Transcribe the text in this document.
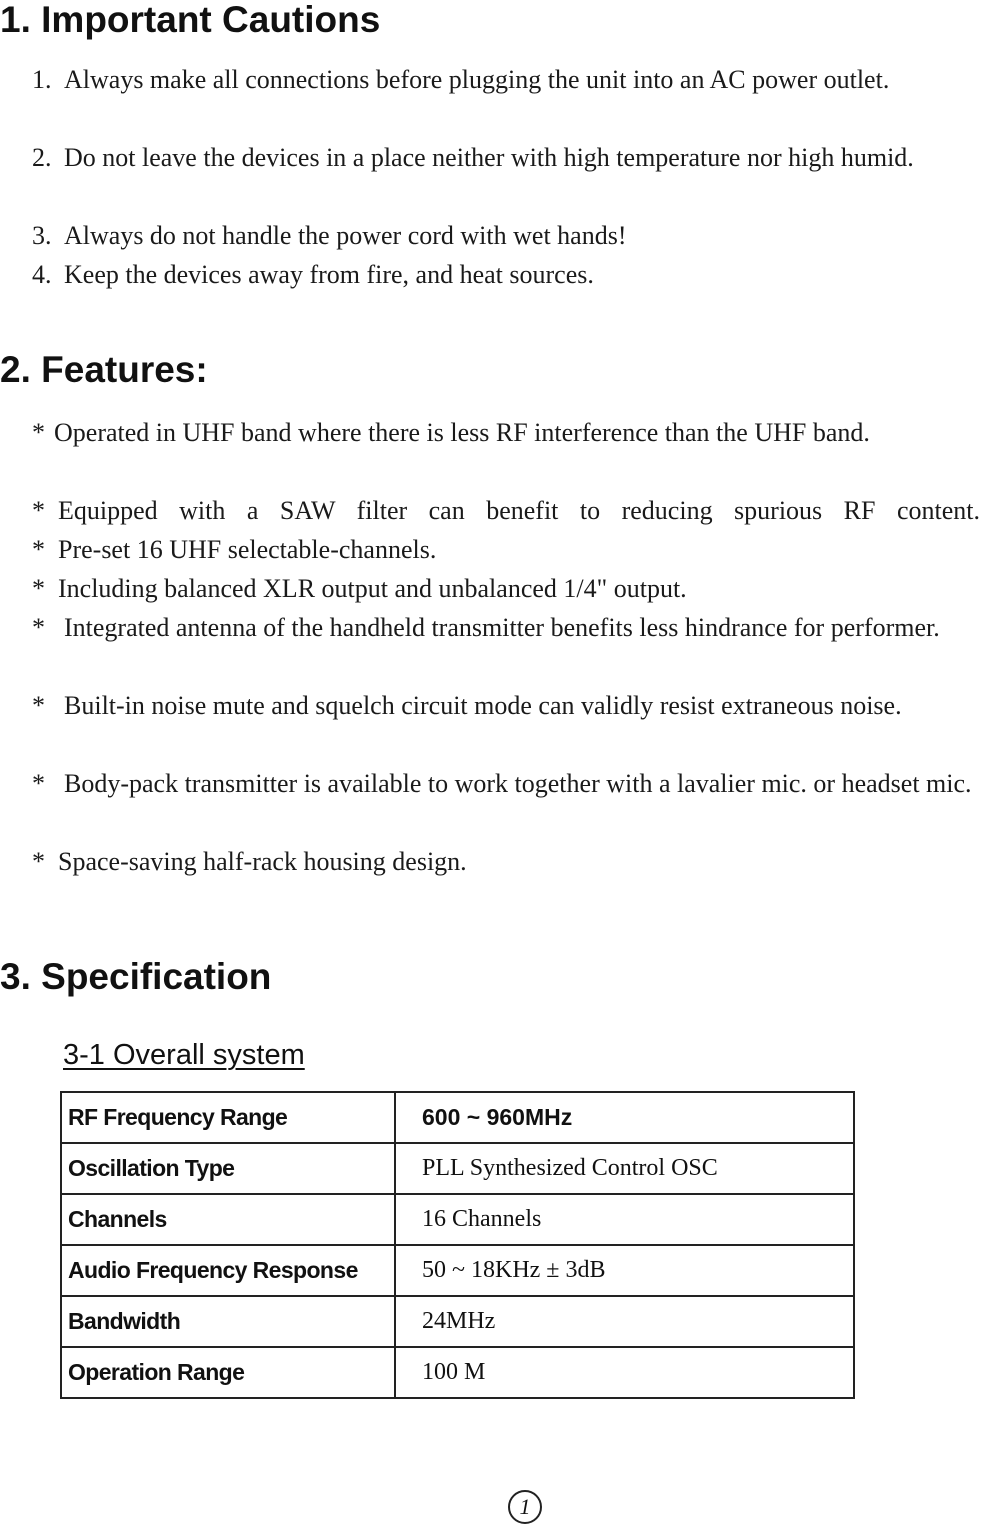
1. Important Cautions
1. Always make all connections before plugging the unit into an AC power outlet.
2. Do not leave the devices in a place neither with high temperature nor high humid.
3. Always do not handle the power cord with wet hands!
4. Keep the devices away from fire, and heat sources.
2. Features:
* Operated in UHF band where there is less RF interference than the UHF band.
* Equipped with a SAW filter can benefit to reducing spurious RF content.
* Pre-set 16 UHF selectable-channels.
* Including balanced XLR output and unbalanced 1/4" output.
* Integrated antenna of the handheld transmitter benefits less hindrance for performer.
* Built-in noise mute and squelch circuit mode can validly resist extraneous noise.
* Body-pack transmitter is available to work together with a lavalier mic. or headset mic.
* Space-saving half-rack housing design.
3. Specification
3-1 Overall system
RF Frequency Range	600 ~ 960MHz
Oscillation Type	PLL Synthesized Control OSC
Channels	16 Channels
Audio Frequency Response	50 ~ 18KHz ± 3dB
Bandwidth	24MHz
Operation Range	100 M
1
